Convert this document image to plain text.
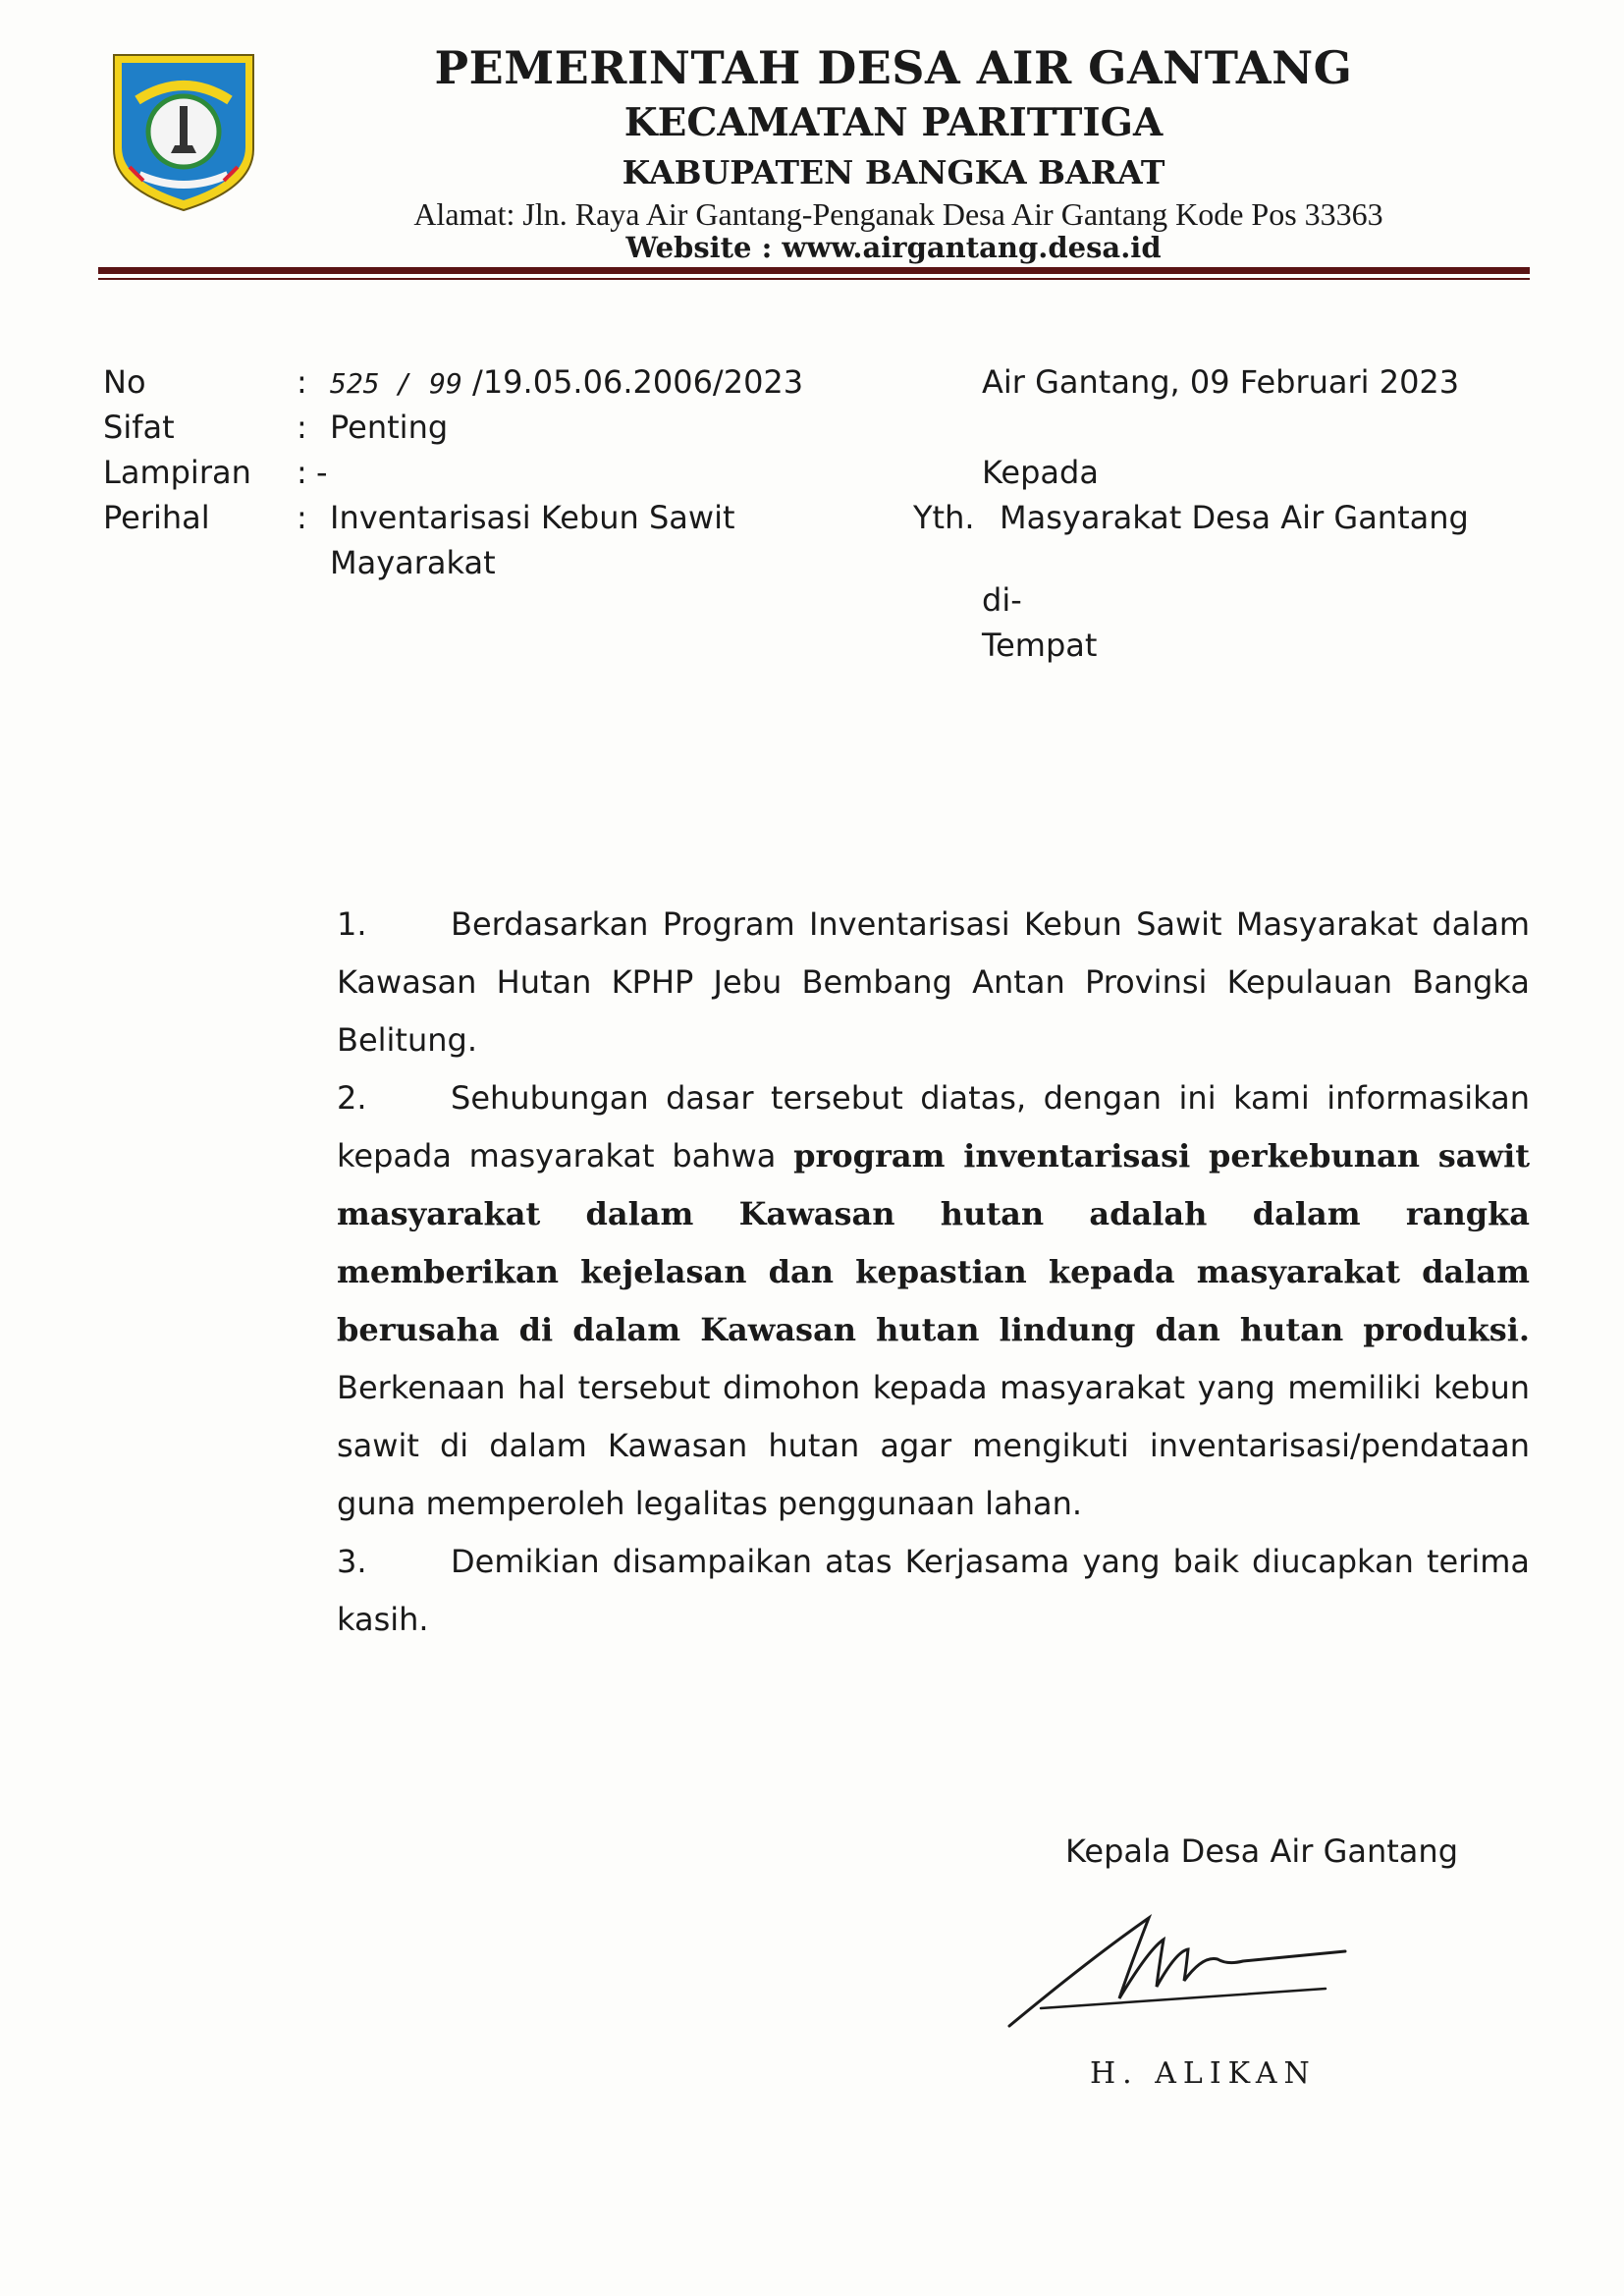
PEMERINTAH DESA AIR GANTANG
KECAMATAN PARITTIGA
KABUPATEN BANGKA BARAT
Alamat: Jln. Raya Air Gantang-Penganak Desa Air Gantang Kode Pos 33363
Website : www.airgantang.desa.id
No	: 525 / 99 /19.05.06.2006/2023
Sifat	: Penting
Lampiran : -
Perihal	: Inventarisasi Kebun Sawit
Mayarakat
Air Gantang, 09 Februari 2023
Kepada
Yth. Masyarakat Desa Air Gantang
di-
Tempat
1.	Berdasarkan Program Inventarisasi Kebun Sawit Masyarakat dalam Kawasan Hutan KPHP Jebu Bembang Antan Provinsi Kepulauan Bangka Belitung.
2.	Sehubungan dasar tersebut diatas, dengan ini kami informasikan kepada masyarakat bahwa program inventarisasi perkebunan sawit masyarakat dalam Kawasan hutan adalah dalam rangka memberikan kejelasan dan kepastian kepada masyarakat dalam berusaha di dalam Kawasan hutan lindung dan hutan produksi. Berkenaan hal tersebut dimohon kepada masyarakat yang memiliki kebun sawit di dalam Kawasan hutan agar mengikuti inventarisasi/pendataan guna memperoleh legalitas penggunaan lahan.
3.	Demikian disampaikan atas Kerjasama yang baik diucapkan terima kasih.
Kepala Desa Air Gantang
H. ALIKAN
